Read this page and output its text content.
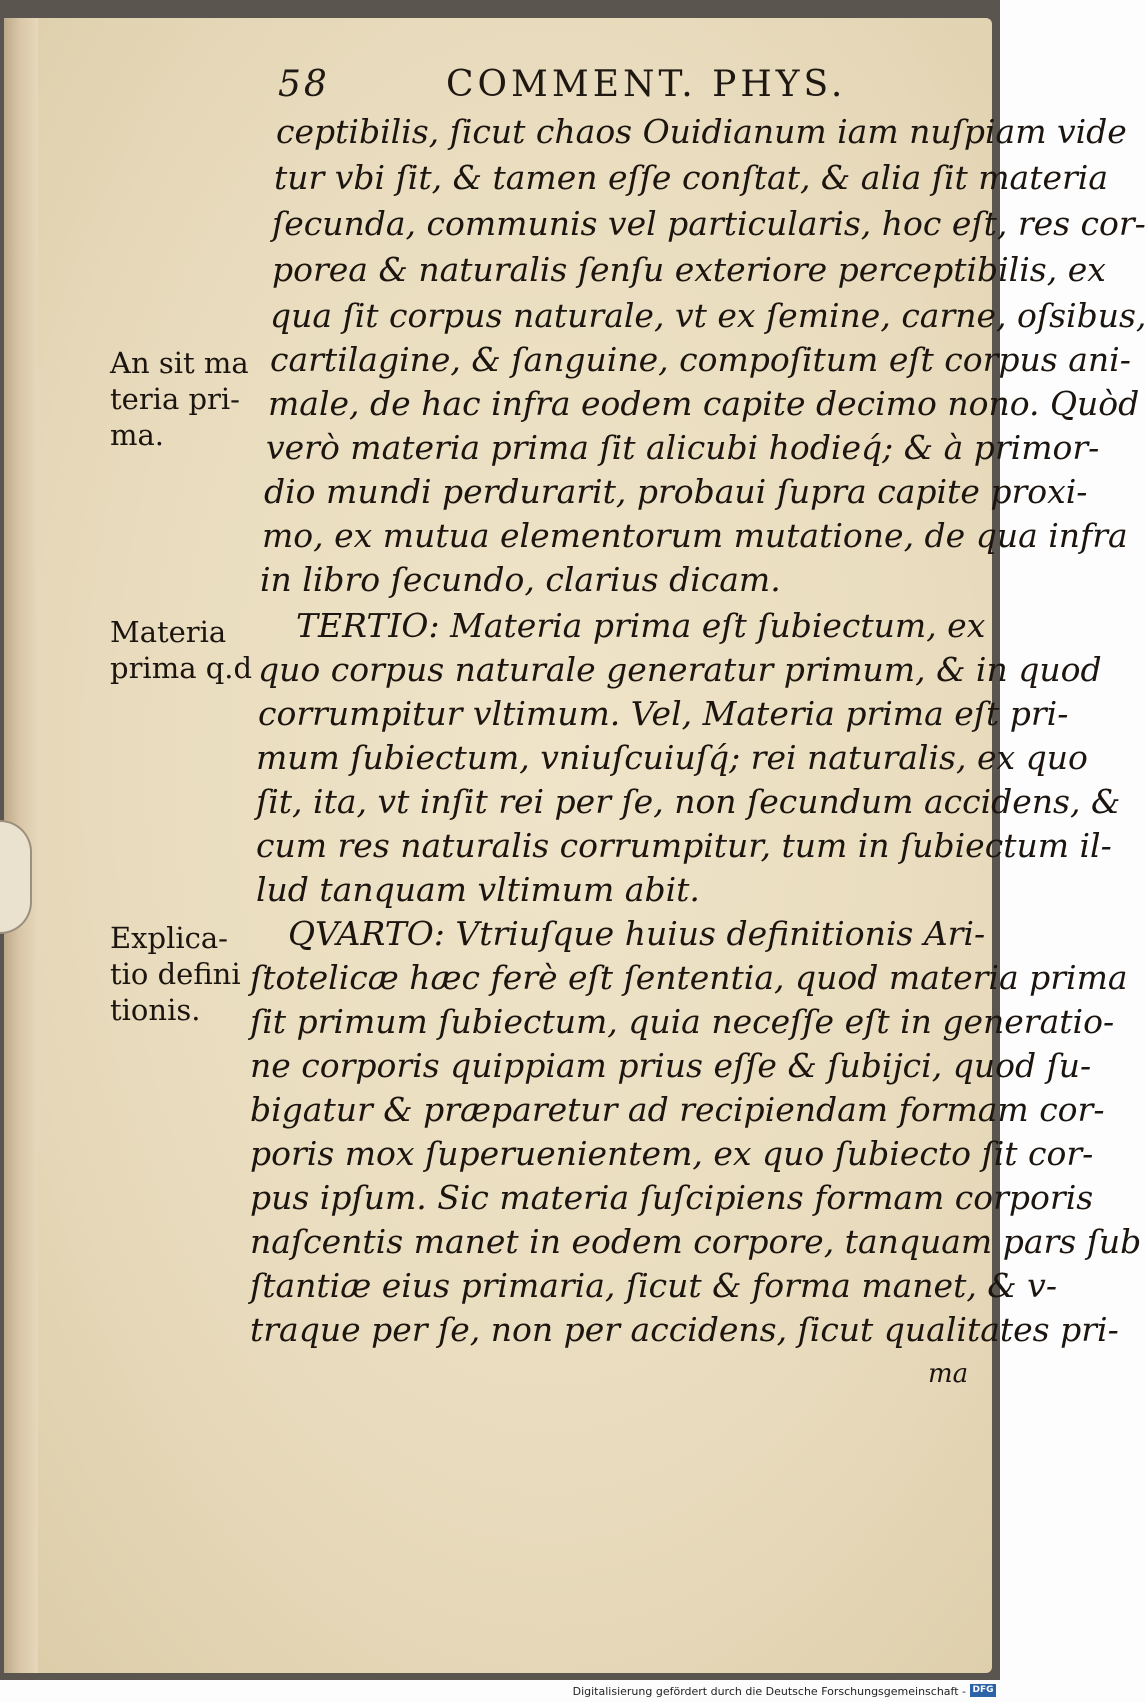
58	COMMENT. PHYS.
ceptibilis, ſicut chaos Ouidianum iam nuſpiam vide
tur vbi ſit, & tamen eſſe conſtat, & alia ſit materia
ſecunda, communis vel particularis, hoc eſt, res cor-
porea & naturalis ſenſu exteriore perceptibilis, ex
qua ſit corpus naturale, vt ex ſemine, carne, oſsibus,
cartilagine, & ſanguine, compoſitum eſt corpus ani-
male, de hac infra eodem capite decimo nono. Quòd
verò materia prima ſit alicubi hodieq́; & à primor-
dio mundi perdurarit, probaui ſupra capite proxi-
mo, ex mutua elementorum mutatione, de qua infra
in libro ſecundo, clarius dicam.
TERTIO: Materia prima eſt ſubiectum, ex
quo corpus naturale generatur primum, & in quod
corrumpitur vltimum. Vel, Materia prima eſt pri-
mum ſubiectum, vniuſcuiuſq́; rei naturalis, ex quo
ſit, ita, vt inſit rei per ſe, non ſecundum accidens, &
cum res naturalis corrumpitur, tum in ſubiectum il-
lud tanquam vltimum abit.
QVARTO: Vtriuſque huius definitionis Ari-
ſtotelicæ hæc ferè eſt ſententia, quod materia prima
ſit primum ſubiectum, quia neceſſe eſt in generatio-
ne corporis quippiam prius eſſe & ſubijci, quod ſu-
bigatur & præparetur ad recipiendam formam cor-
poris mox ſuperuenientem, ex quo ſubiecto ſit cor-
pus ipſum. Sic materia ſuſcipiens formam corporis
naſcentis manet in eodem corpore, tanquam pars ſub
ſtantiæ eius primaria, ſicut & forma manet, & v-
traque per ſe, non per accidens, ſicut qualitates pri-
ma
An sit ma
teria pri-
ma.
Materia
prima q.d
Explica-
tio defini
tionis.
Digitalisierung gefördert durch die Deutsche Forschungsgemeinschaft - DFG
